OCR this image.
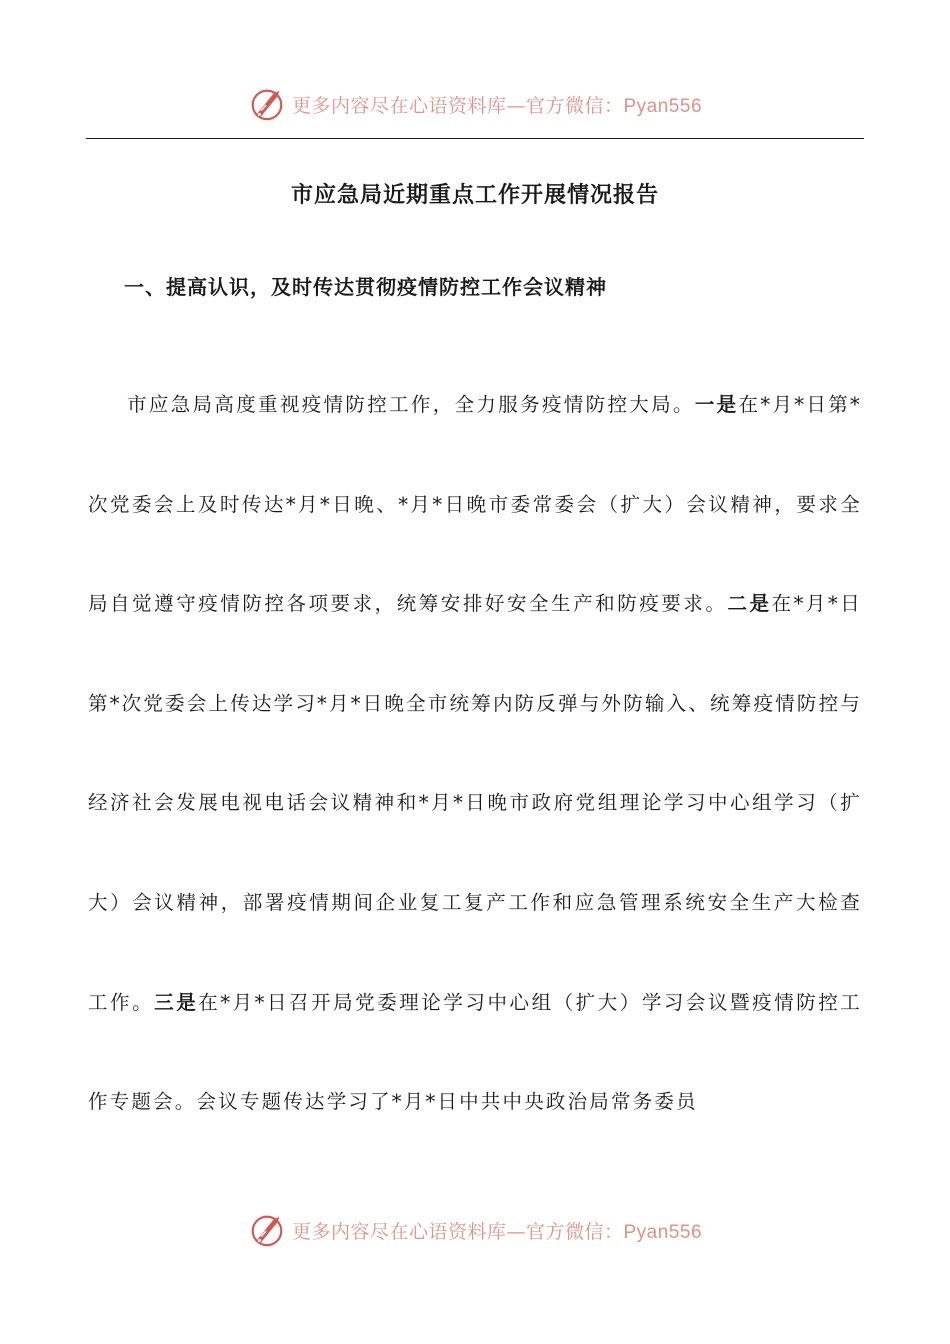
更多内容尽在心语资料库—官方微信：Pyan556
市应急局近期重点工作开展情况报告
一、提高认识，及时传达贯彻疫情防控工作会议精神

市应急局高度重视疫情防控工作，全力服务疫情防控大局。一是在*月*日第*次党委会上及时传达*月*日晚、*月*日晚市委常委会（扩大）会议精神，要求全局自觉遵守疫情防控各项要求，统筹安排好安全生产和防疫要求。二是在*月*日第*次党委会上传达学习*月*日晚全市统筹内防反弹与外防输入、统筹疫情防控与经济社会发展电视电话会议精神和*月*日晚市政府党组理论学习中心组学习（扩大）会议精神，部署疫情期间企业复工复产工作和应急管理系统安全生产大检查工作。三是在*月*日召开局党委理论学习中心组（扩大）学习会议暨疫情防控工作专题会。会议专题传达学习了*月*日中共中央政治局常务委员

更多内容尽在心语资料库—官方微信：Pyan556
